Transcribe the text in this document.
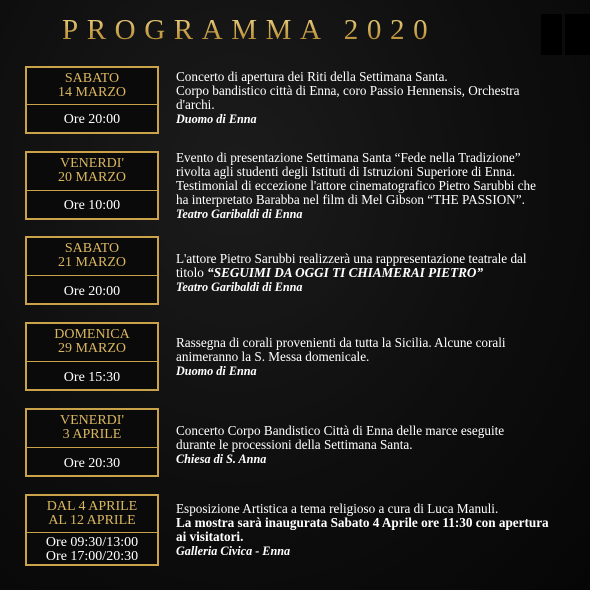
PROGRAMMA 2020
SABATO
14 MARZO
Ore 20:00
Concerto di apertura dei Riti della Settimana Santa.
Corpo bandistico città di Enna, coro Passio Hennensis, Orchestra
d'archi.
Duomo di Enna
VENERDI'
20 MARZO
Ore 10:00
Evento di presentazione Settimana Santa “Fede nella Tradizione”
rivolta agli studenti degli Istituti di Istruzioni Superiore di Enna.
Testimonial di eccezione l'attore cinematografico Pietro Sarubbi che
ha interpretato Barabba nel film di Mel Gibson “THE PASSION”.
Teatro Garibaldi di Enna
SABATO
21 MARZO
Ore 20:00
L'attore Pietro Sarubbi realizzerà una rappresentazione teatrale dal
titolo “SEGUIMI DA OGGI TI CHIAMERAI PIETRO”
Teatro Garibaldi di Enna
DOMENICA
29 MARZO
Ore 15:30
Rassegna di corali provenienti da tutta la Sicilia. Alcune corali
animeranno la S. Messa domenicale.
Duomo di Enna
VENERDI'
3 APRILE
Ore 20:30
Concerto Corpo Bandistico Città di Enna delle marce eseguite
durante le processioni della Settimana Santa.
Chiesa di S. Anna
DAL 4 APRILE
AL 12 APRILE
Ore 09:30/13:00
Ore 17:00/20:30
Esposizione Artistica a tema religioso a cura di Luca Manuli.
La mostra sarà inaugurata Sabato 4 Aprile ore 11:30 con apertura
ai visitatori.
Galleria Civica - Enna
